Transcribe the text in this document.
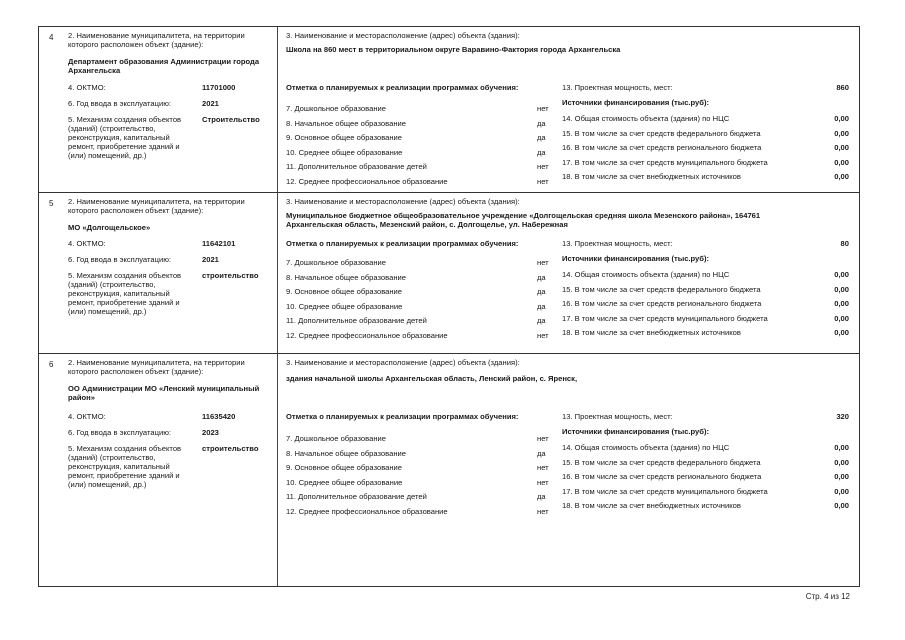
4 2. Наименование муниципалитета, на территории которого расположен объект (здание):
Департамент образования Администрации города Архангельска
4. ОКТМО:	11701000
6. Год ввода в эксплуатацию:	2021
5. Механизм создания объектов (зданий) (строительство, реконструкция, капитальный ремонт, приобретение зданий и (или) помещений, др.)
Строительство
3. Наименование и месторасположение (адрес) объекта (здания):
Школа на 860 мест в территориальном округе Варавино-Фактория города Архангельска
Отметка о планируемых к реализации программах обучения:	13. Проектная мощность, мест:	860
Источники финансирования (тыс.руб):
7. Дошкольное образование	нет
8. Начальное общее образование	да
9. Основное общее образование	да
10. Среднее общее образование	да
11. Дополнительное образование детей	нет
12. Среднее профессиональное образование	нет
14. Общая стоимость объекта (здания) по НЦС	0,00
15. В том числе за счет средств федерального бюджета	0,00
16. В том числе за счет средств регионального бюджета	0,00
17. В том числе за счет средств муниципального бюджета	0,00
18. В том числе за счет внебюджетных источников	0,00
5 2. Наименование муниципалитета, на территории которого расположен объект (здание):
МО «Долгощельское»
4. ОКТМО:	11642101
6. Год ввода в эксплуатацию:	2021
5. Механизм создания объектов (зданий) (строительство, реконструкция, капитальный ремонт, приобретение зданий и (или) помещений, др.)
строительство
3. Наименование и месторасположение (адрес) объекта (здания):
Муниципальное бюджетное общеобразовательное учреждение «Долгощельская средняя школа Мезенского района», 164761 Архангельская область, Мезенский район, с. Долгощелье, ул. Набережная
Отметка о планируемых к реализации программах обучения:	13. Проектная мощность, мест:	80
Источники финансирования (тыс.руб):
7. Дошкольное образование	нет
8. Начальное общее образование	да
9. Основное общее образование	да
10. Среднее общее образование	да
11. Дополнительное образование детей	да
12. Среднее профессиональное образование	нет
14. Общая стоимость объекта (здания) по НЦС	0,00
15. В том числе за счет средств федерального бюджета	0,00
16. В том числе за счет средств регионального бюджета	0,00
17. В том числе за счет средств муниципального бюджета	0,00
18. В том числе за счет внебюджетных источников	0,00
6 2. Наименование муниципалитета, на территории которого расположен объект (здание):
ОО Администрации МО «Ленский муниципальный район»
4. ОКТМО:	11635420
6. Год ввода в эксплуатацию:	2023
5. Механизм создания объектов (зданий) (строительство, реконструкция, капитальный ремонт, приобретение зданий и (или) помещений, др.)
строительство
3. Наименование и месторасположение (адрес) объекта (здания):
здания начальной школы Архангельская область, Ленский район, с. Яренск,
Отметка о планируемых к реализации программах обучения:	13. Проектная мощность, мест:	320
Источники финансирования (тыс.руб):
7. Дошкольное образование	нет
8. Начальное общее образование	да
9. Основное общее образование	нет
10. Среднее общее образование	нет
11. Дополнительное образование детей	да
12. Среднее профессиональное образование	нет
14. Общая стоимость объекта (здания) по НЦС	0,00
15. В том числе за счет средств федерального бюджета	0,00
16. В том числе за счет средств регионального бюджета	0,00
17. В том числе за счет средств муниципального бюджета	0,00
18. В том числе за счет внебюджетных источников	0,00
Стр. 4 из 12
